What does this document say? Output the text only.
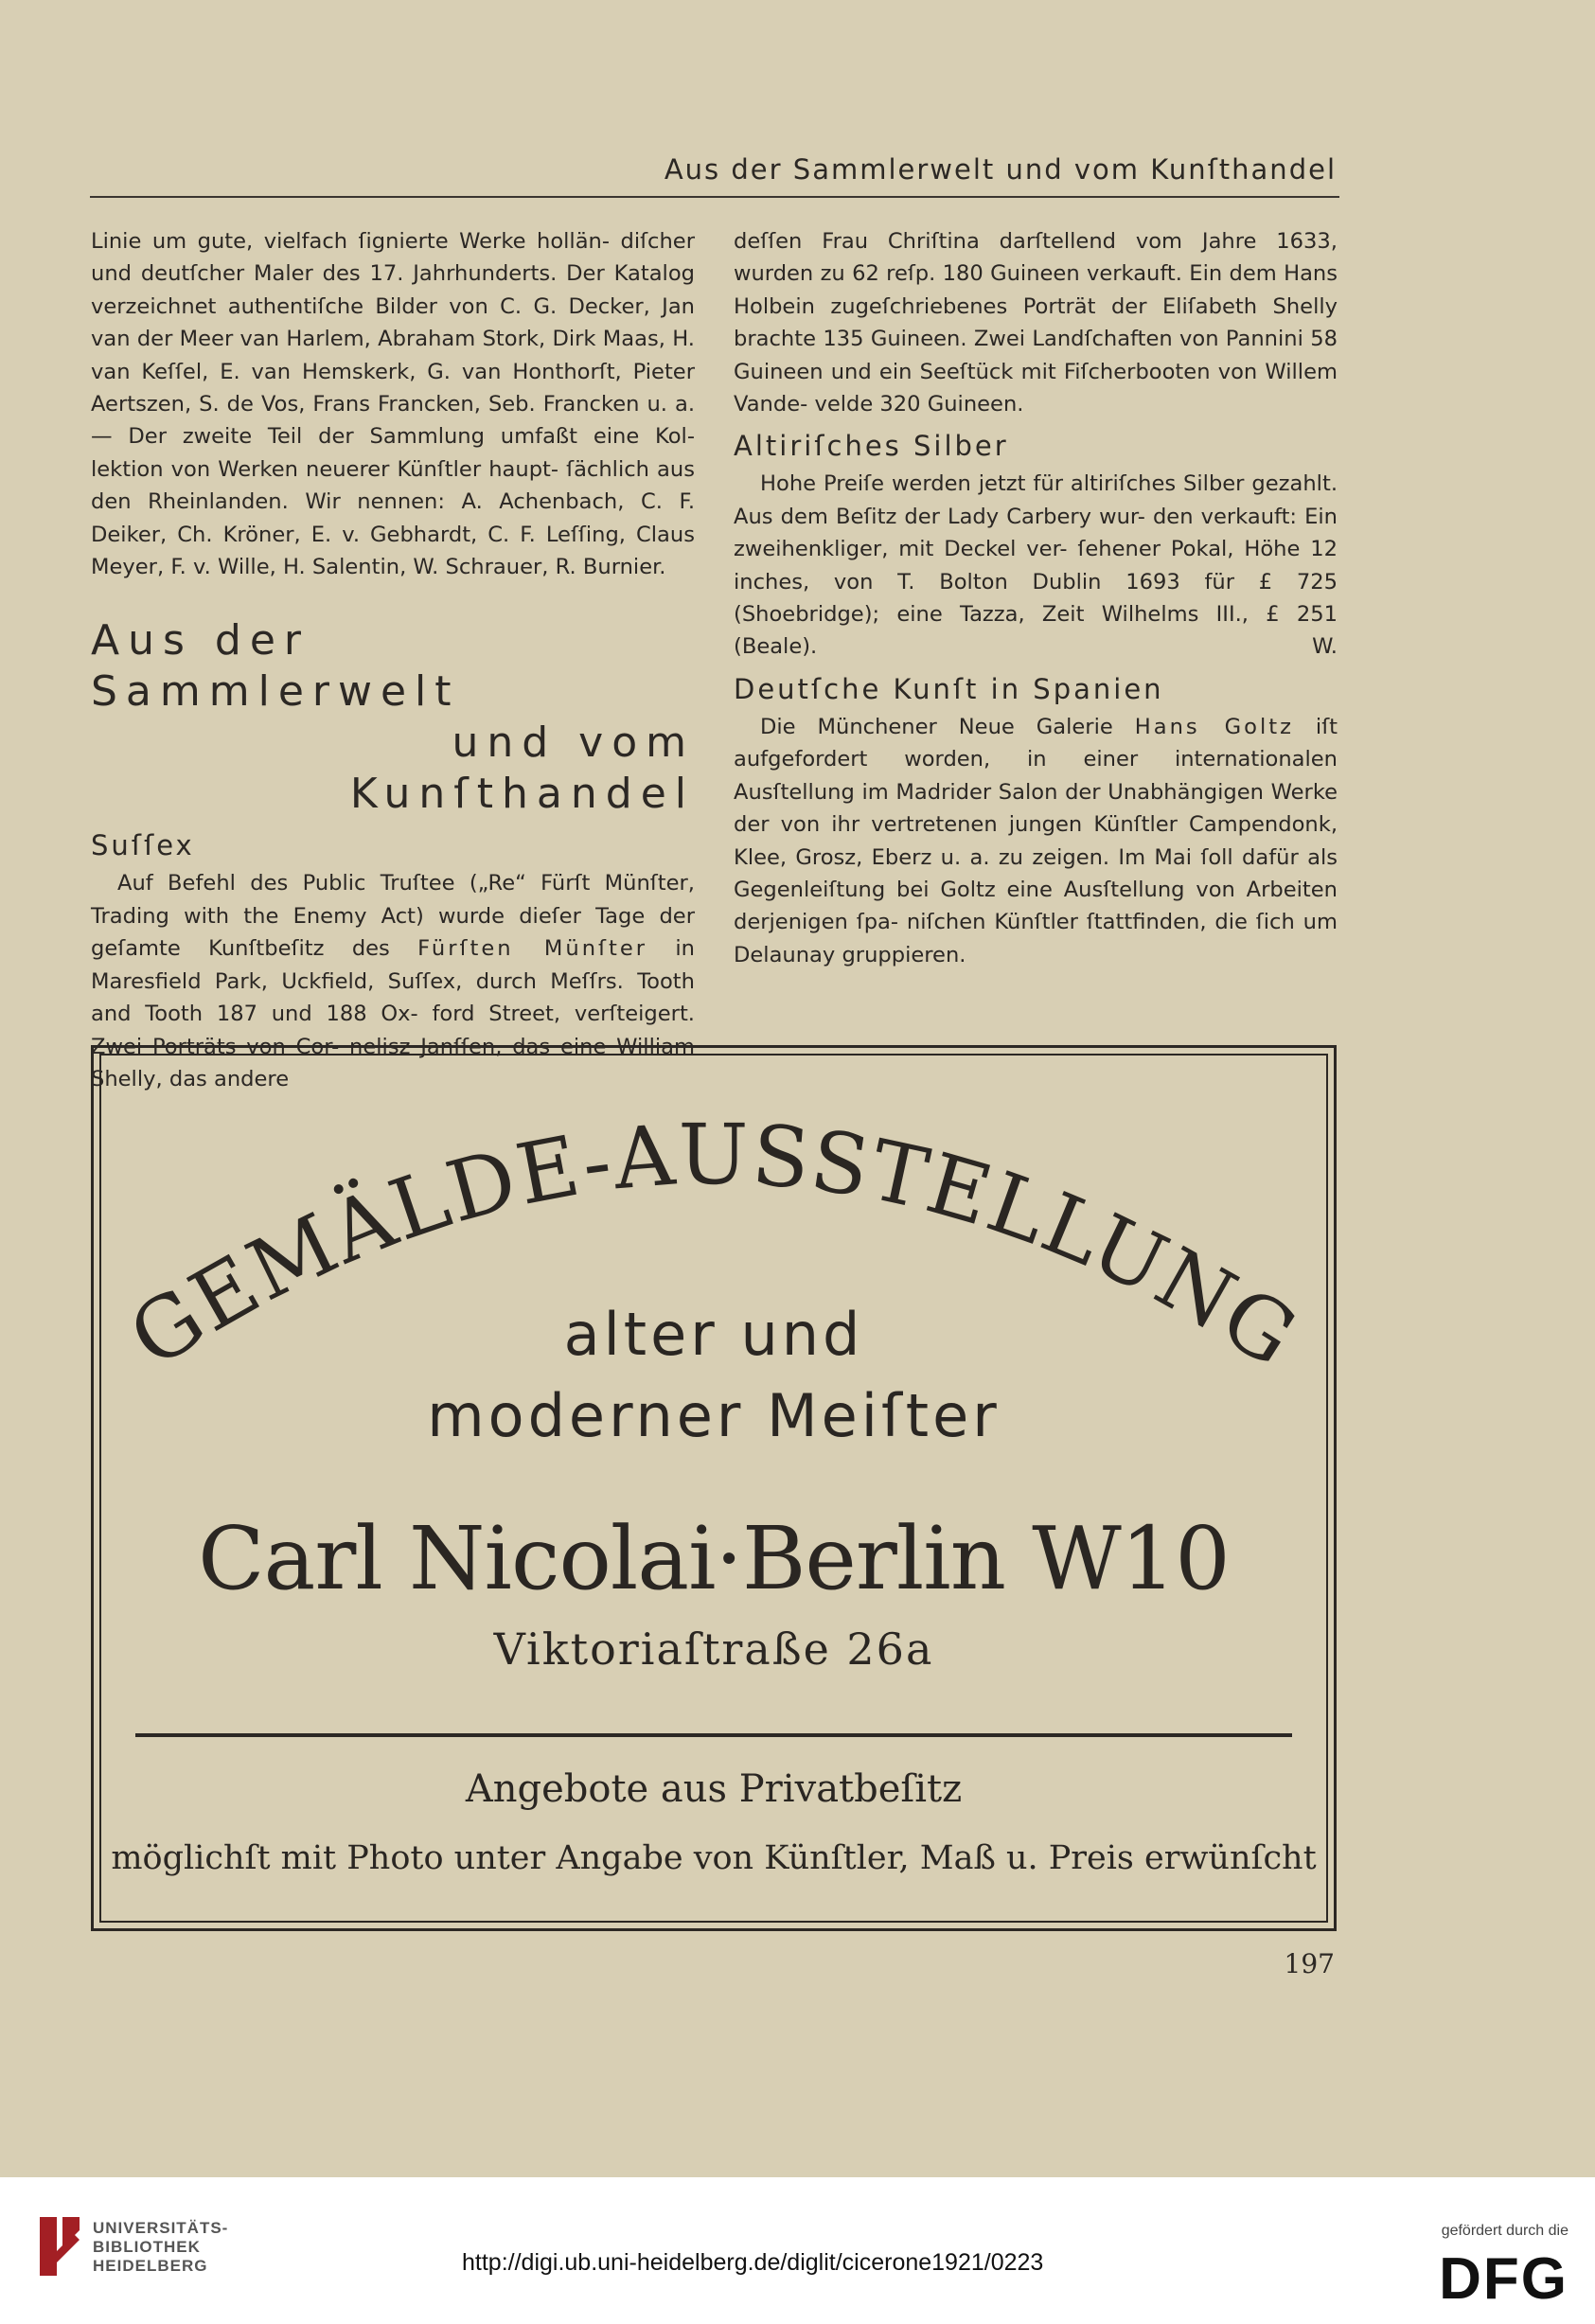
Aus der Sammlerwelt und vom Kunſthandel

Linie um gute, vielfach ſignierte Werke hollän- diſcher und deutſcher Maler des 17. Jahrhunderts. Der Katalog verzeichnet authentiſche Bilder von C. G. Decker, Jan van der Meer van Harlem, Abraham Stork, Dirk Maas, H. van Keſſel, E. van Hemskerk, G. van Honthorſt, Pieter Aertszen, S. de Vos, Frans Francken, Seb. Francken u. a. — Der zweite Teil der Sammlung umfaßt eine Kol- lektion von Werken neuerer Künſtler haupt- ſächlich aus den Rheinlanden. Wir nennen: A. Achenbach, C. F. Deiker, Ch. Kröner, E. v. Gebhardt, C. F. Leſſing, Claus Meyer, F. v. Wille, H. Salentin, W. Schrauer, R. Burnier.

Aus der Sammlerwelt
und vom Kunſthandel
Suſſex

Auf Befehl des Public Truſtee („Re“ Fürſt Münſter, Trading with the Enemy Act) wurde dieſer Tage der geſamte Kunſtbeſitz des Fürſten Münſter in Maresfield Park, Uckfield, Suſſex, durch Meſſrs. Tooth and Tooth 187 und 188 Ox- ford Street, verſteigert. Zwei Porträts von Cor- nelisz Janſſen, das eine William Shelly, das andere

deſſen Frau Chriſtina darſtellend vom Jahre 1633, wurden zu 62 reſp. 180 Guineen verkauft. Ein dem Hans Holbein zugeſchriebenes Porträt der Eliſabeth Shelly brachte 135 Guineen. Zwei Landſchaften von Pannini 58 Guineen und ein Seeſtück mit Fiſcherbooten von Willem Vande- velde 320 Guineen.

Altiriſches Silber

Hohe Preiſe werden jetzt für altiriſches Silber gezahlt. Aus dem Beſitz der Lady Carbery wur- den verkauft: Ein zweihenkliger, mit Deckel ver- ſehener Pokal, Höhe 12 inches, von T. Bolton Dublin 1693 für £ 725 (Shoebridge); eine Tazza, Zeit Wilhelms III., £ 251 (Beale).	W.

Deutſche Kunſt in Spanien

Die Münchener Neue Galerie Hans Goltz iſt aufgefordert worden, in einer internationalen Ausſtellung im Madrider Salon der Unabhängigen Werke der von ihr vertretenen jungen Künſtler Campendonk, Klee, Grosz, Eberz u. a. zu zeigen. Im Mai ſoll dafür als Gegenleiſtung bei Goltz eine Ausſtellung von Arbeiten derjenigen ſpa- niſchen Künſtler ſtattfinden, die ſich um Delaunay gruppieren.

GEMÄLDE-AUSSTELLUNG
alter und
moderner Meiſter
Carl Nicolai·Berlin W10
Viktoriaſtraße 26a
Angebote aus Privatbeſitz
möglichſt mit Photo unter Angabe von Künſtler, Maß u. Preis erwünſcht
197
UNIVERSITÄTS-
BIBLIOTHEK
HEIDELBERG	http://digi.ub.uni-heidelberg.de/diglit/cicerone1921/0223
gefördert durch die
DFG
